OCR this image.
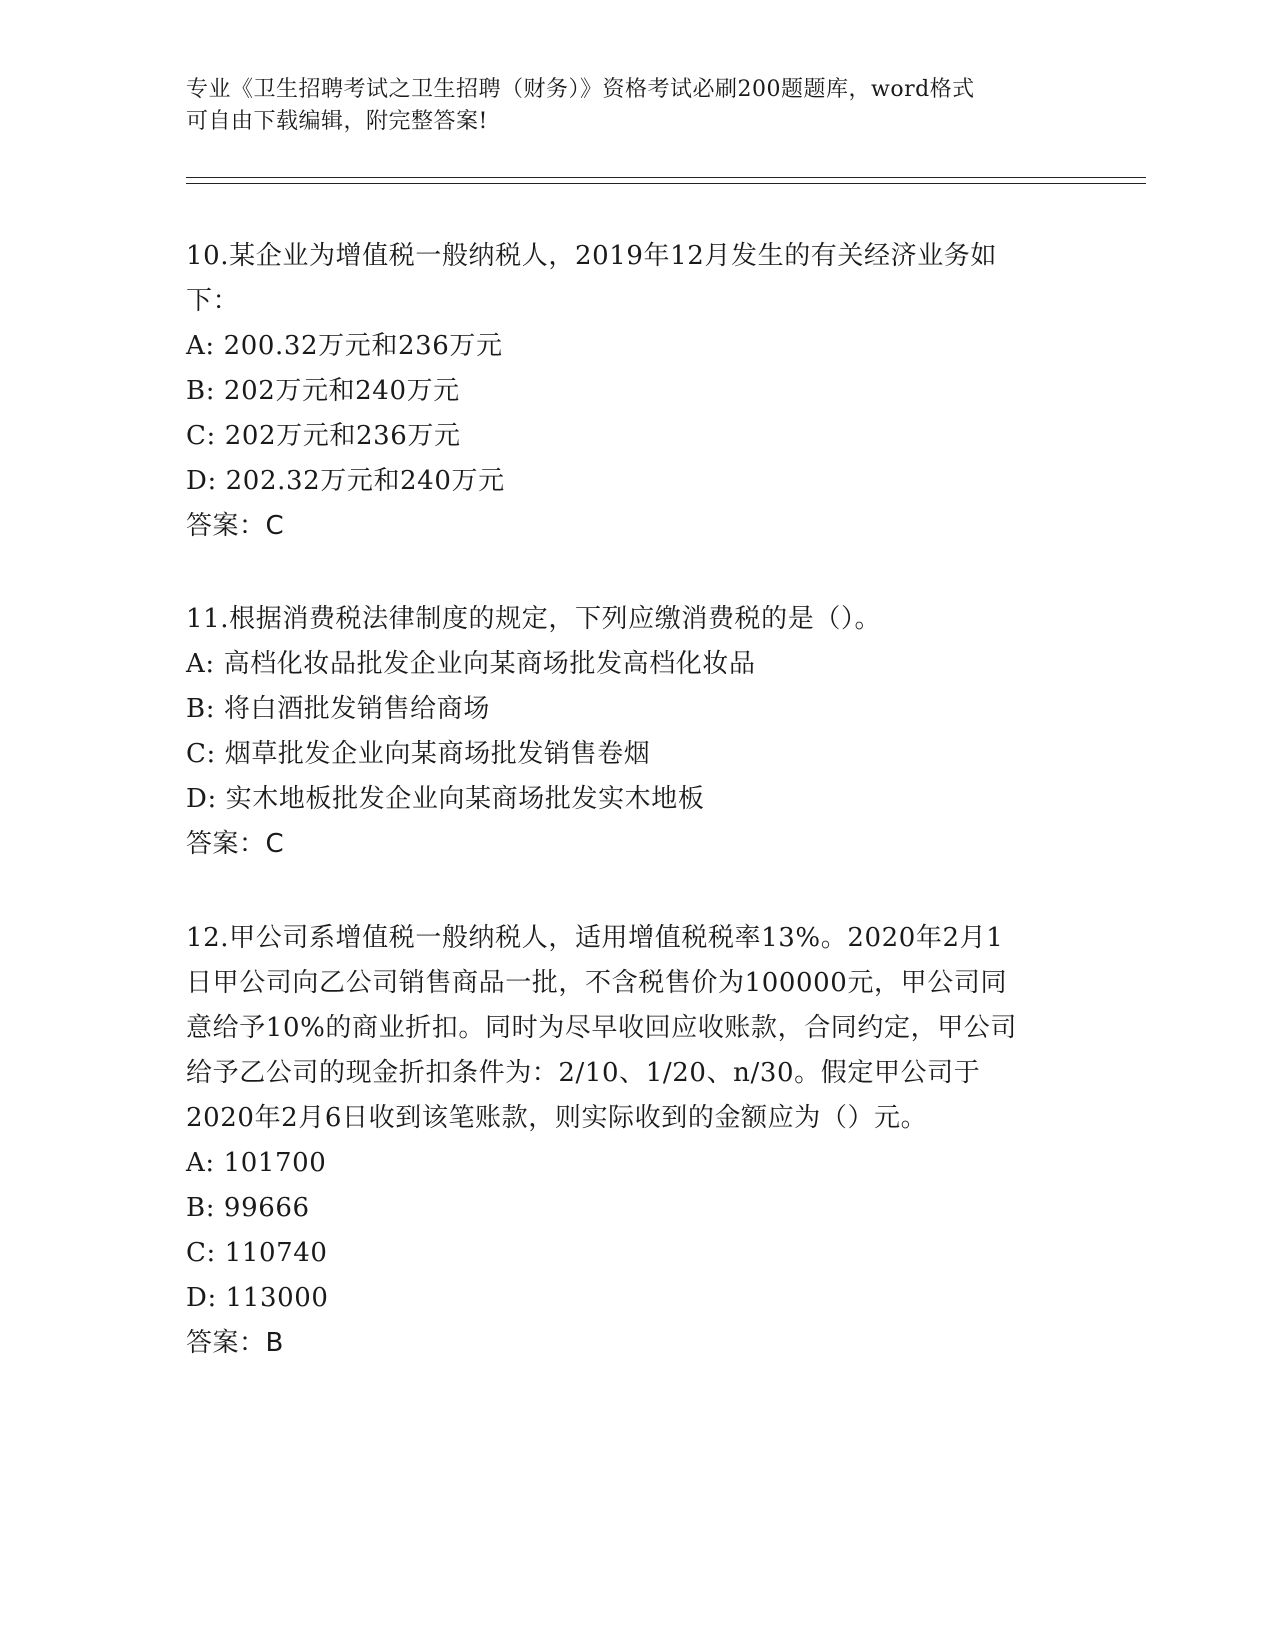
专业《卫生招聘考试之卫生招聘（财务）》资格考试必刷200题题库，word格式

可自由下载编辑，附完整答案!

10.某企业为增值税一般纳税人，2019年12月发生的有关经济业务如

下：

A: 200.32万元和236万元

B: 202万元和240万元

C: 202万元和236万元

D: 202.32万元和240万元

答案：C

11.根据消费税法律制度的规定，下列应缴消费税的是（）。

A: 高档化妆品批发企业向某商场批发高档化妆品

B: 将白酒批发销售给商场

C: 烟草批发企业向某商场批发销售卷烟

D: 实木地板批发企业向某商场批发实木地板

答案：C

12.甲公司系增值税一般纳税人，适用增值税税率13%。2020年2月1

日甲公司向乙公司销售商品一批，不含税售价为100000元，甲公司同

意给予10%的商业折扣。同时为尽早收回应收账款，合同约定，甲公司

给予乙公司的现金折扣条件为：2/10、1/20、n/30。假定甲公司于

2020年2月6日收到该笔账款，则实际收到的金额应为（）元。

A: 101700

B: 99666

C: 110740

D: 113000

答案：B
